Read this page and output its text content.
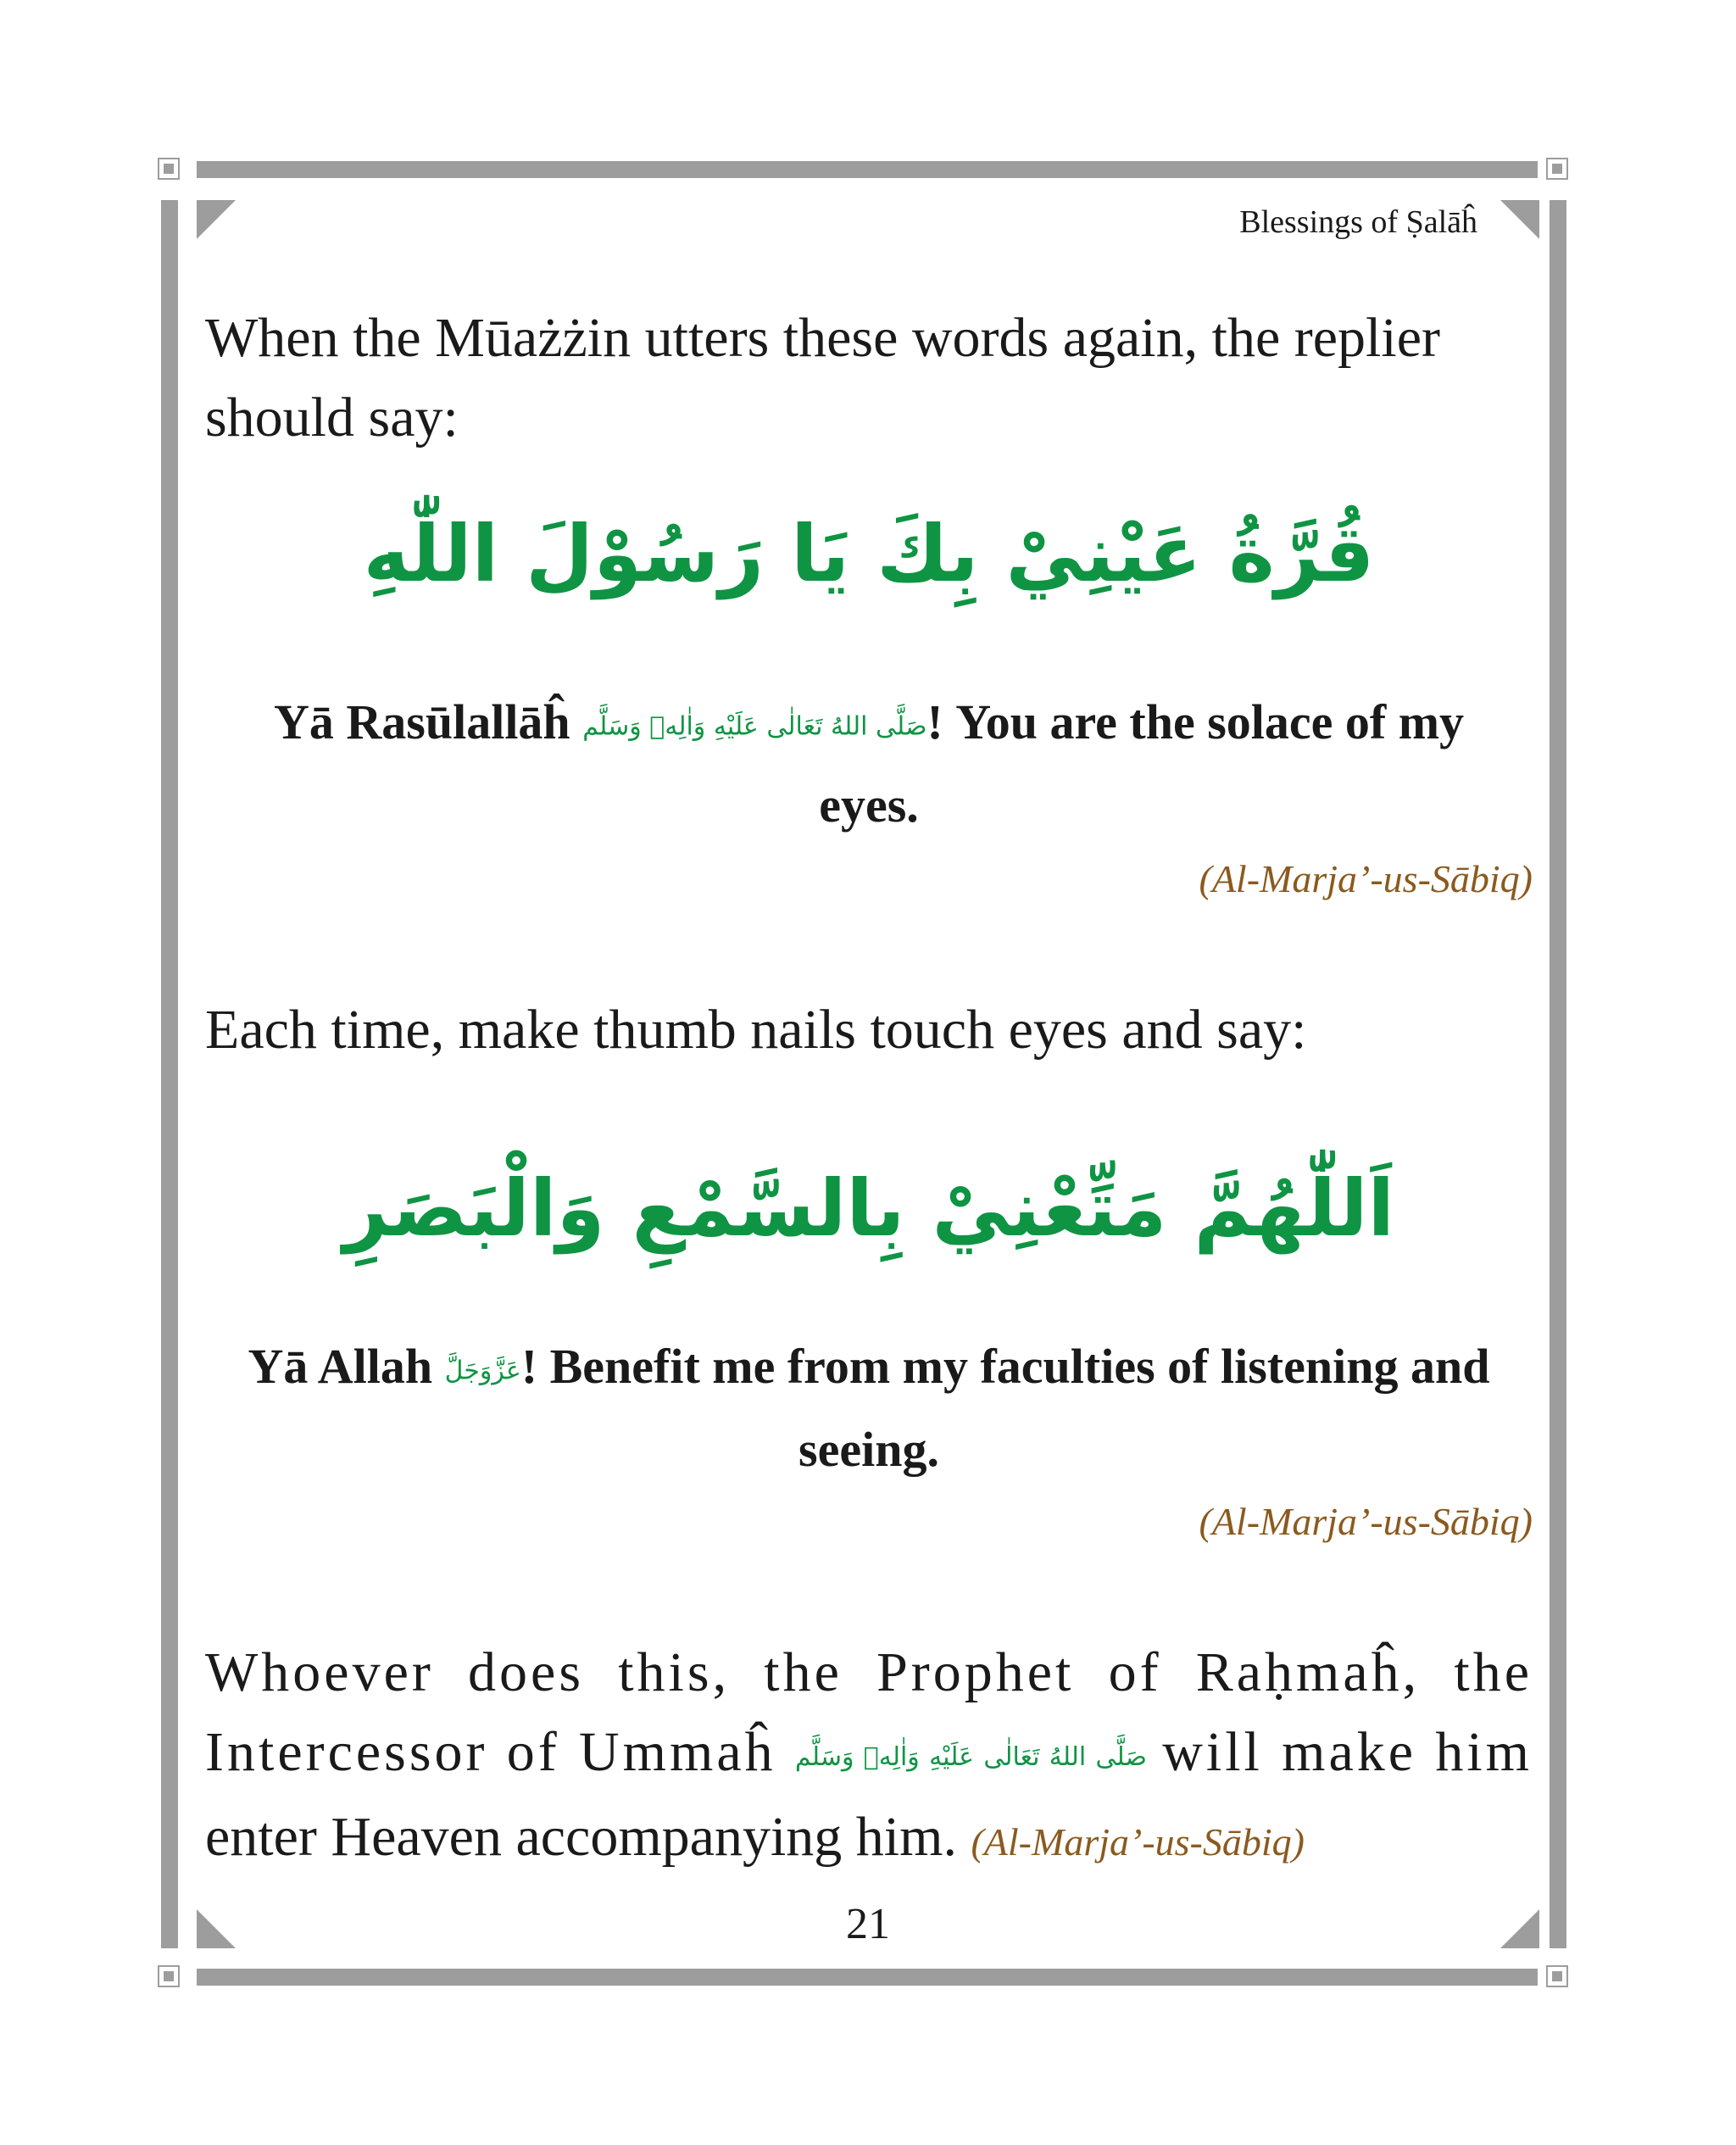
Blessings of Ṣalāĥ

When the Mūażżin utters these words again, the replier should say:

قُرَّةُ عَيْنِيْ بِكَ يَا رَسُوْلَ اللّٰهِ

Yā Rasūlallāĥ صَلَّى اللهُ تَعَالٰى عَلَيْهِ وَاٰلِهٖ وَسَلَّم! You are the solace of my eyes.

(Al-Marja’-us-Sābiq)

Each time, make thumb nails touch eyes and say:

اَللّٰهُمَّ مَتِّعْنِيْ بِالسَّمْعِ وَالْبَصَرِ

Yā Allah عَزَّوَجَلَّ! Benefit me from my faculties of listening and seeing.

(Al-Marja’-us-Sābiq)

Whoever does this, the Prophet of Raḥmaĥ, the

Intercessor of Ummaĥ صَلَّى اللهُ تَعَالٰى عَلَيْهِ وَاٰلِهٖ وَسَلَّم will make him

enter Heaven accompanying him. (Al-Marja’-us-Sābiq)

21
